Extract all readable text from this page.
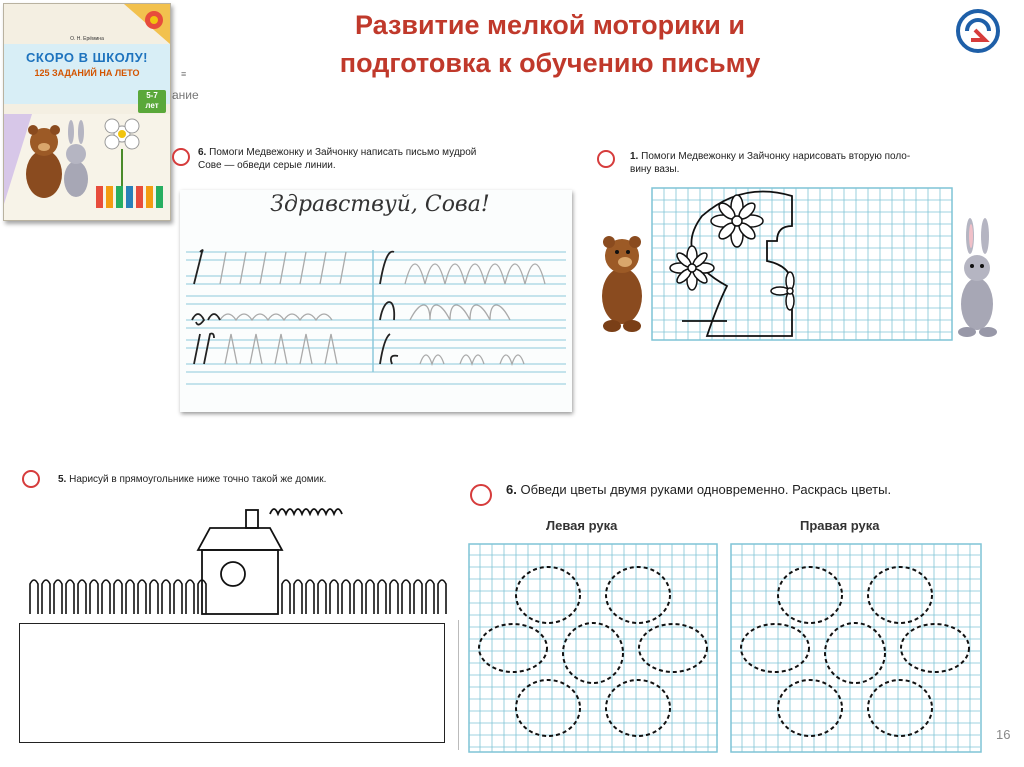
Развитие мелкой моторики и
подготовка к обучению письму
≡
ание
О. Н. Ерёмина
СКОРО В ШКОЛУ!
125 ЗАДАНИЙ НА ЛЕТО
5-7
лет
6. Помоги Медвежонку и Зайчонку написать письмо мудрой
Сове — обведи серые линии.
Здравствуй, Сова!
1. Помоги Медвежонку и Зайчонку нарисовать вторую поло-
вину вазы.
5. Нарисуй в прямоугольнике ниже точно такой же домик.
6. Обведи цветы двумя руками одновременно. Раскрась цветы.
Левая рука	Правая рука
16
